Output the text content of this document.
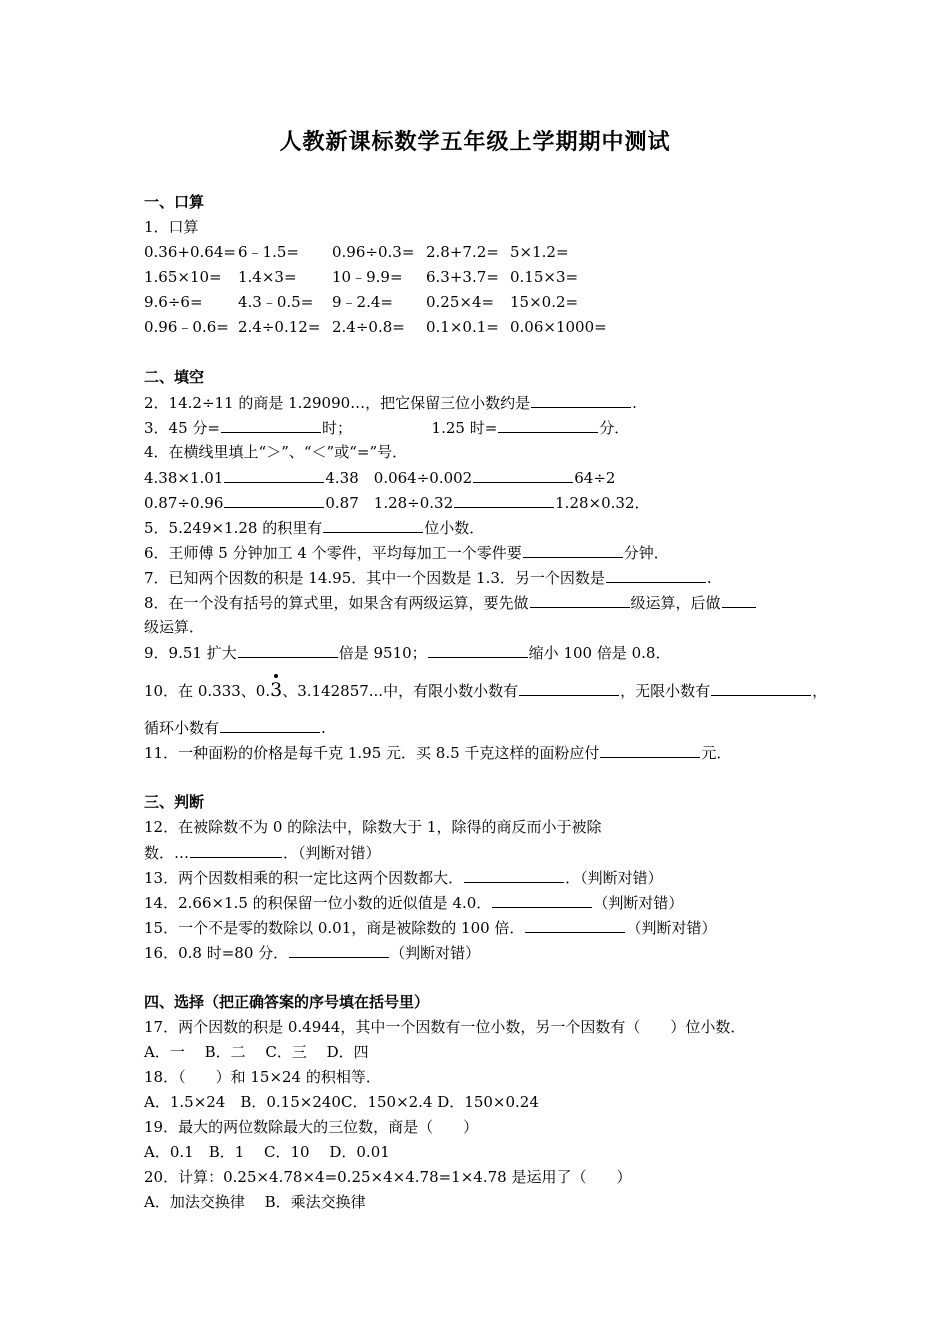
人教新课标数学五年级上学期期中测试
一、口算
1．口算
0.36+0.64= 6﹣1.5= 0.96÷0.3= 2.8+7.2= 5×1.2=
1.65×10= 1.4×3= 10﹣9.9= 6.3+3.7= 0.15×3=
9.6÷6= 4.3﹣0.5= 9﹣2.4= 0.25×4= 15×0.2=
0.96﹣0.6= 2.4÷0.12= 2.4÷0.8= 0.1×0.1= 0.06×1000=
二、填空
2．14.2÷11 的商是 1.29090…，把它保留三位小数约是	.
3．45 分=	时；	1.25 时=	分．
4．在横线里填上“＞”、“＜”或“=”号．
4.38×1.01	4.38　0.064÷0.002	64÷2
0.87÷0.96	0.87　1.28÷0.32	1.28×0.32．
5．5.249×1.28 的积里有	位小数．
6．王师傅 5 分钟加工 4 个零件，平均每加工一个零件要	分钟．
7．已知两个因数的积是 14.95．其中一个因数是 1.3．另一个因数是	.
8．在一个没有括号的算式里，如果含有两级运算，要先做	级运算，后做
级运算．
9．9.51 扩大	倍是 9510；	缩小 100 倍是 0.8．
10．在 0.333、0.3、3.142857...中，有限小数小数有	，无限小数有	，
循环小数有	.
11．一种面粉的价格是每千克 1.95 元．买 8.5 千克这样的面粉应付	元．
三、判断
12．在被除数不为 0 的除法中，除数大于 1，除得的商反而小于被除
数．…	．（判断对错）
13．两个因数相乘的积一定比这两个因数都大．	．（判断对错）
14．2.66×1.5 的积保留一位小数的近似值是 4.0．	（判断对错）
15．一个不是零的数除以 0.01，商是被除数的 100 倍．	（判断对错）
16．0.8 时=80 分．	（判断对错）
四、选择（把正确答案的序号填在括号里）
17．两个因数的积是 0.4944，其中一个因数有一位小数，另一个因数有（　　）位小数．
A．一　 B．二　 C．三　 D．四
18．（　　）和 15×24 的积相等．
A．1.5×24　B．0.15×240C．150×2.4 D．150×0.24
19．最大的两位数除最大的三位数，商是（　　）
A．0.1　B．1　 C．10　 D．0.01
20．计算：0.25×4.78×4=0.25×4×4.78=1×4.78 是运用了（　　）
A．加法交换律　 B．乘法交换律
